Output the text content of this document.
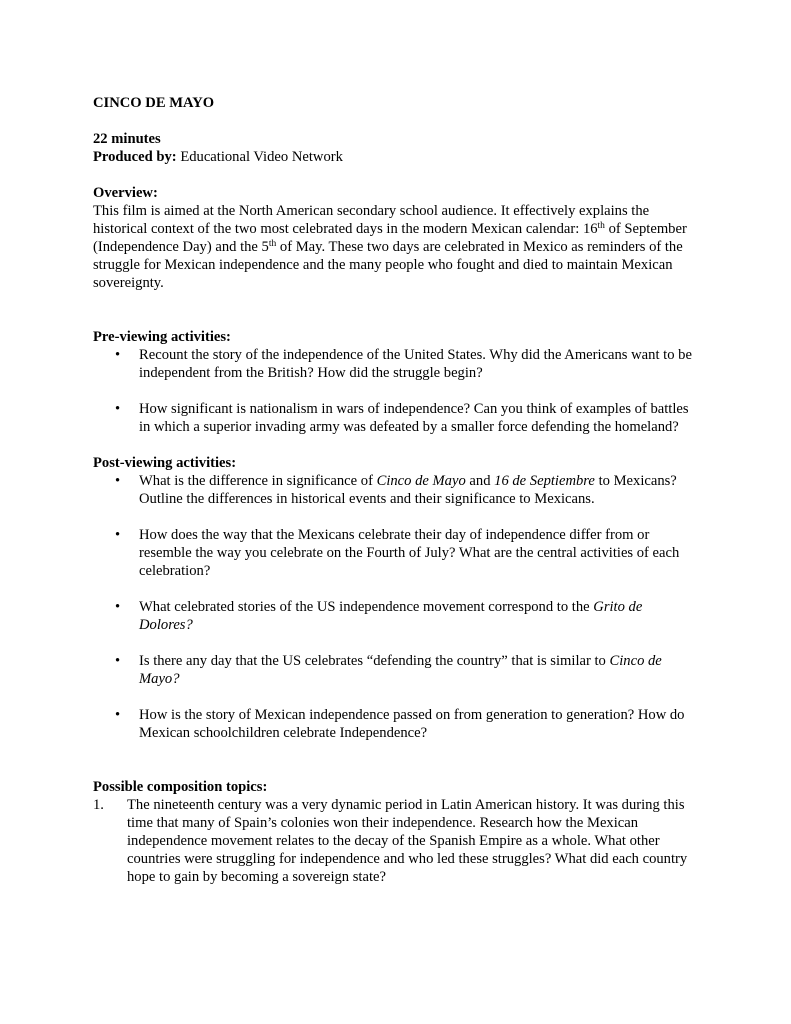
CINCO DE MAYO

22 minutes

Produced by: Educational Video Network

Overview:

This film is aimed at the North American secondary school audience. It effectively explains the historical context of the two most celebrated days in the modern Mexican calendar: 16th of September (Independence Day) and the 5th of May. These two days are celebrated in Mexico as reminders of the struggle for Mexican independence and the many people who fought and died to maintain Mexican sovereignty.

Pre-viewing activities:

• Recount the story of the independence of the United States. Why did the Americans want to be independent from the British? How did the struggle begin?
• How significant is nationalism in wars of independence? Can you think of examples of battles in which a superior invading army was defeated by a smaller force defending the homeland?

Post-viewing activities:

• What is the difference in significance of Cinco de Mayo and 16 de Septiembre to Mexicans? Outline the differences in historical events and their significance to Mexicans.
• How does the way that the Mexicans celebrate their day of independence differ from or resemble the way you celebrate on the Fourth of July? What are the central activities of each celebration?
• What celebrated stories of the US independence movement correspond to the Grito de Dolores?
• Is there any day that the US celebrates “defending the country” that is similar to Cinco de Mayo?
• How is the story of Mexican independence passed on from generation to generation? How do Mexican schoolchildren celebrate Independence?

Possible composition topics:

1. The nineteenth century was a very dynamic period in Latin American history. It was during this time that many of Spain’s colonies won their independence. Research how the Mexican independence movement relates to the decay of the Spanish Empire as a whole. What other countries were struggling for independence and who led these struggles? What did each country hope to gain by becoming a sovereign state?
